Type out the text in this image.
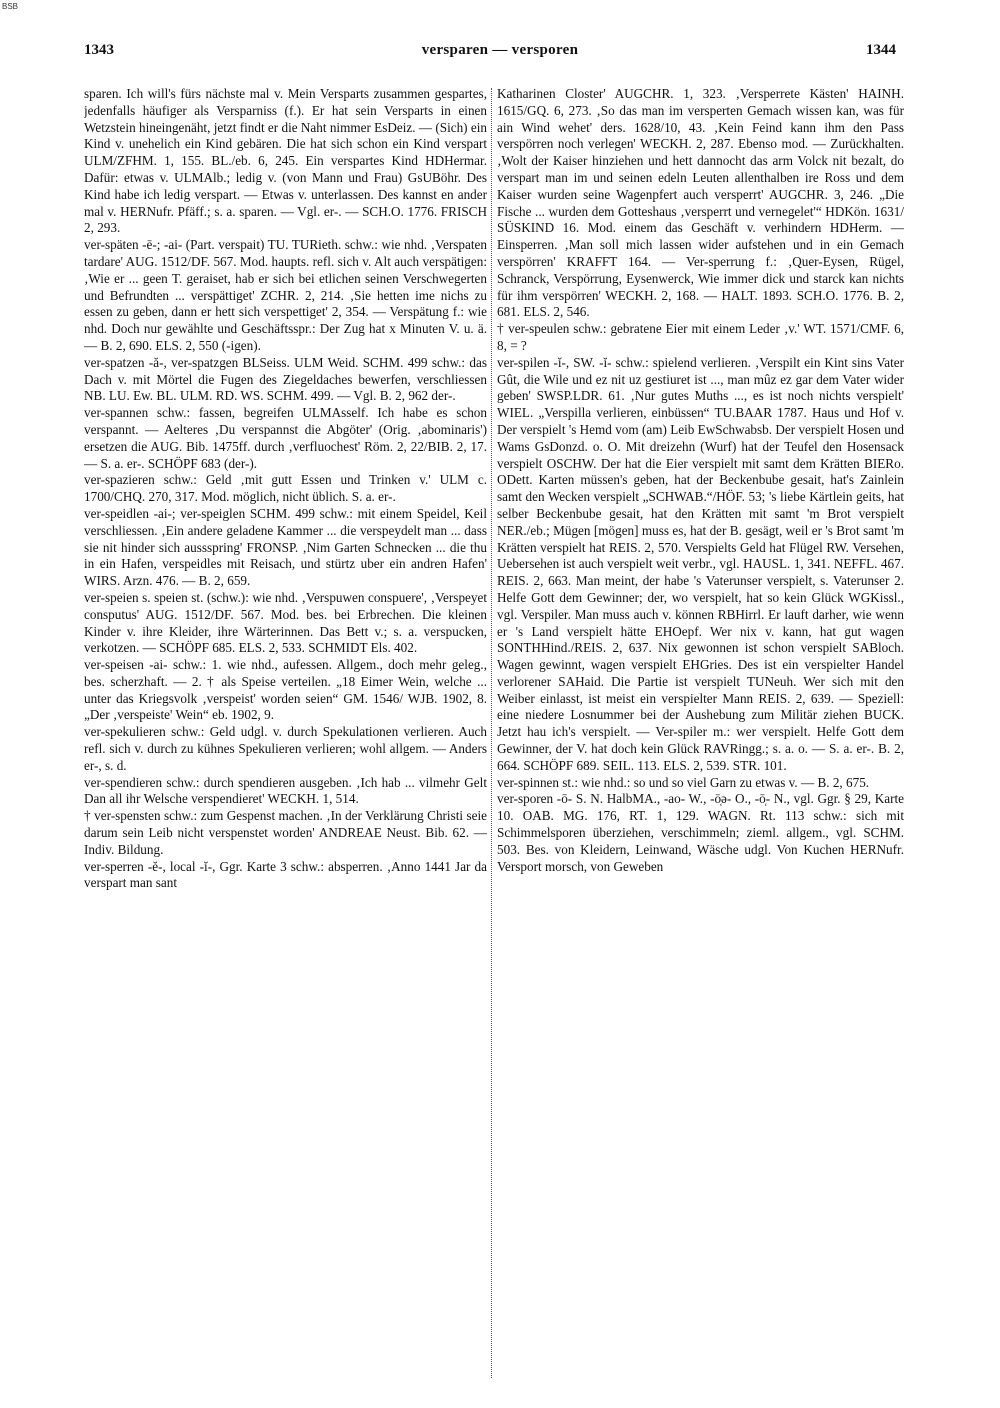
BSB
1343	versparen — versporen	1344

sparen. Ich will's fürs nächste mal v. Mein Versparts zusammen gespartes, jedenfalls häufiger als Versparniss (f.). Er hat sein Versparts in einen Wetzstein hineingenäht, jetzt findt er die Naht nimmer EsDeiz. — (Sich) ein Kind v. unehelich ein Kind gebären. Die hat sich schon ein Kind verspart ULM/ZFHM. 1, 155. BL./eb. 6, 245. Ein verspartes Kind HDHermar. Dafür: etwas v. ULMAlb.; ledig v. (von Mann und Frau) GsUBöhr. Des Kind habe ich ledig verspart. — Etwas v. unterlassen. Des kannst en ander mal v. HERNufr. Pfäff.; s. a. sparen. — Vgl. er-. — SCH.O. 1776. FRISCH 2, 293.

ver-späten -ē-; -ai- (Part. verspait) TU. TURieth. schw.: wie nhd. ‚Verspaten tardare' AUG. 1512/DF. 567. Mod. haupts. refl. sich v. Alt auch verspätigen: ‚Wie er ... geen T. geraiset, hab er sich bei etlichen seinen Verschwegerten und Befrundten ... verspättiget' ZCHR. 2, 214. ‚Sie hetten ime nichs zu essen zu geben, dann er hett sich verspettiget' 2, 354. — Verspätung f.: wie nhd. Doch nur gewählte und Geschäftsspr.: Der Zug hat x Minuten V. u. ä. — B. 2, 690. ELS. 2, 550 (-igen).

ver-spatzen -ă-, ver-spatzgen BLSeiss. ULM Weid. SCHM. 499 schw.: das Dach v. mit Mörtel die Fugen des Ziegeldaches bewerfen, verschliessen NB. LU. Ew. BL. ULM. RD. WS. SCHM. 499. — Vgl. B. 2, 962 der-.

ver-spannen schw.: fassen, begreifen ULMAsself. Ich habe es schon verspannt. — Aelteres ‚Du verspannst die Abgöter' (Orig. ‚abominaris') ersetzen die AUG. Bib. 1475ff. durch ‚verfluochest' Röm. 2, 22/BIB. 2, 17. — S. a. er-. SCHÖPF 683 (der-).

ver-spazieren schw.: Geld ‚mit gutt Essen und Trinken v.' ULM c. 1700/CHQ. 270, 317. Mod. möglich, nicht üblich. S. a. er-.

ver-speidlen -ai-; ver-speiglen SCHM. 499 schw.: mit einem Speidel, Keil verschliessen. ‚Ein andere geladene Kammer ... die verspeydelt man ... dass sie nit hinder sich aussspring' FRONSP. ‚Nim Garten Schnecken ... die thu in ein Hafen, verspeidles mit Reisach, und stürtz uber ein andren Hafen' WIRS. Arzn. 476. — B. 2, 659.

ver-speien s. speien st. (schw.): wie nhd. ‚Verspuwen conspuere', ‚Verspeyet consputus' AUG. 1512/DF. 567. Mod. bes. bei Erbrechen. Die kleinen Kinder v. ihre Kleider, ihre Wärterinnen. Das Bett v.; s. a. verspucken, verkotzen. — SCHÖPF 685. ELS. 2, 533. SCHMIDT Els. 402.

ver-speisen -ai- schw.: 1. wie nhd., aufessen. Allgem., doch mehr geleg., bes. scherzhaft. — 2. † als Speise verteilen. „18 Eimer Wein, welche ... unter das Kriegsvolk ‚verspeist' worden seien“ GM. 1546/ WJB. 1902, 8. „Der ‚verspeiste' Wein“ eb. 1902, 9.

ver-spekulieren schw.: Geld udgl. v. durch Spekulationen verlieren. Auch refl. sich v. durch zu kühnes Spekulieren verlieren; wohl allgem. — Anders er-, s. d.

ver-spendieren schw.: durch spendieren ausgeben. ‚Ich hab ... vilmehr Gelt Dan all ihr Welsche verspendieret' WECKH. 1, 514.

† ver-spensten schw.: zum Gespenst machen. ‚In der Verklärung Christi seie darum sein Leib nicht verspenstet worden' ANDREAE Neust. Bib. 62. — Indiv. Bildung.

ver-sperren -ĕ-, local -ĭ-, Ggr. Karte 3 schw.: absperren. ‚Anno 1441 Jar da verspart man sant

Katharinen Closter' AUGCHR. 1, 323. ‚Versperrete Kästen' HAINH. 1615/GQ. 6, 273. ‚So das man im versperten Gemach wissen kan, was für ain Wind wehet' ders. 1628/10, 43. ‚Kein Feind kann ihm den Pass verspörren noch verlegen' WECKH. 2, 287. Ebenso mod. — Zurückhalten. ‚Wolt der Kaiser hinziehen und hett dannocht das arm Volck nit bezalt, do verspart man im und seinen edeln Leuten allenthalben ire Ross und dem Kaiser wurden seine Wagenpfert auch versperrt' AUGCHR. 3, 246. „Die Fische ... wurden dem Gotteshaus ‚versperrt und vernegelet'“ HDKön. 1631/ SÜSKIND 16. Mod. einem das Geschäft v. verhindern HDHerm. — Einsperren. ‚Man soll mich lassen wider aufstehen und in ein Gemach verspörren' KRAFFT 164. — Ver-sperrung f.: ‚Quer-Eysen, Rügel, Schranck, Verspörrung, Eysenwerck, Wie immer dick und starck kan nichts für ihm verspörren' WECKH. 2, 168. — HALT. 1893. SCH.O. 1776. B. 2, 681. ELS. 2, 546.

† ver-speulen schw.: gebratene Eier mit einem Leder ‚v.' WT. 1571/CMF. 6, 8, = ?

ver-spilen -ĭ-, SW. -ĭ- schw.: spielend verlieren. ‚Verspilt ein Kint sins Vater Gût, die Wile und ez nit uz gestiuret ist ..., man mûz ez gar dem Vater wider geben' SWSP.LDR. 61. ‚Nur gutes Muths ..., es ist noch nichts verspielt' WIEL. „Verspilla verlieren, einbüssen“ TU.BAAR 1787. Haus und Hof v. Der verspielt 's Hemd vom (am) Leib EwSchwabsb. Der verspielt Hosen und Wams GsDonzd. o. O. Mit dreizehn (Wurf) hat der Teufel den Hosensack verspielt OSCHW. Der hat die Eier verspielt mit samt dem Krätten BIERo. ODett. Karten müssen's geben, hat der Beckenbube gesait, hat's Zainlein samt den Wecken verspielt „SCHWAB.“/HÖF. 53; 's liebe Kärtlein geits, hat selber Beckenbube gesait, hat den Krätten mit samt 'm Brot verspielt NER./eb.; Mügen [mögen] muss es, hat der B. gesägt, weil er 's Brot samt 'm Krätten verspielt hat REIS. 2, 570. Verspielts Geld hat Flügel RW. Versehen, Uebersehen ist auch verspielt weit verbr., vgl. HAUSL. 1, 341. NEFFL. 467. REIS. 2, 663. Man meint, der habe 's Vaterunser verspielt, s. Vaterunser 2. Helfe Gott dem Gewinner; der, wo verspielt, hat so kein Glück WGKissl., vgl. Verspiler. Man muss auch v. können RBHirrl. Er lauft darher, wie wenn er 's Land verspielt hätte EHOepf. Wer nix v. kann, hat gut wagen SONTHHind./REIS. 2, 637. Nix gewonnen ist schon verspielt SABloch. Wagen gewinnt, wagen verspielt EHGries. Des ist ein verspielter Handel verlorener SAHaid. Die Partie ist verspielt TUNeuh. Wer sich mit den Weiber einlasst, ist meist ein verspielter Mann REIS. 2, 639. — Speziell: eine niedere Losnummer bei der Aushebung zum Militär ziehen BUCK. Jetzt hau ich's verspielt. — Ver-spiler m.: wer verspielt. Helfe Gott dem Gewinner, der V. hat doch kein Glück RAVRingg.; s. a. o. — S. a. er-. B. 2, 664. SCHÖPF 689. SEIL. 113. ELS. 2, 539. STR. 101.

ver-spinnen st.: wie nhd.: so und so viel Garn zu etwas v. — B. 2, 675.

ver-sporen -ō- S. N. HalbMA., -ao- W., -ō̜ə- O., -ō̜- N., vgl. Ggr. § 29, Karte 10. OAB. MG. 176, RT. 1, 129. WAGN. Rt. 113 schw.: sich mit Schimmelsporen überziehen, verschimmeln; zieml. allgem., vgl. SCHM. 503. Bes. von Kleidern, Leinwand, Wäsche udgl. Von Kuchen HERNufr. Versport morsch, von Geweben
